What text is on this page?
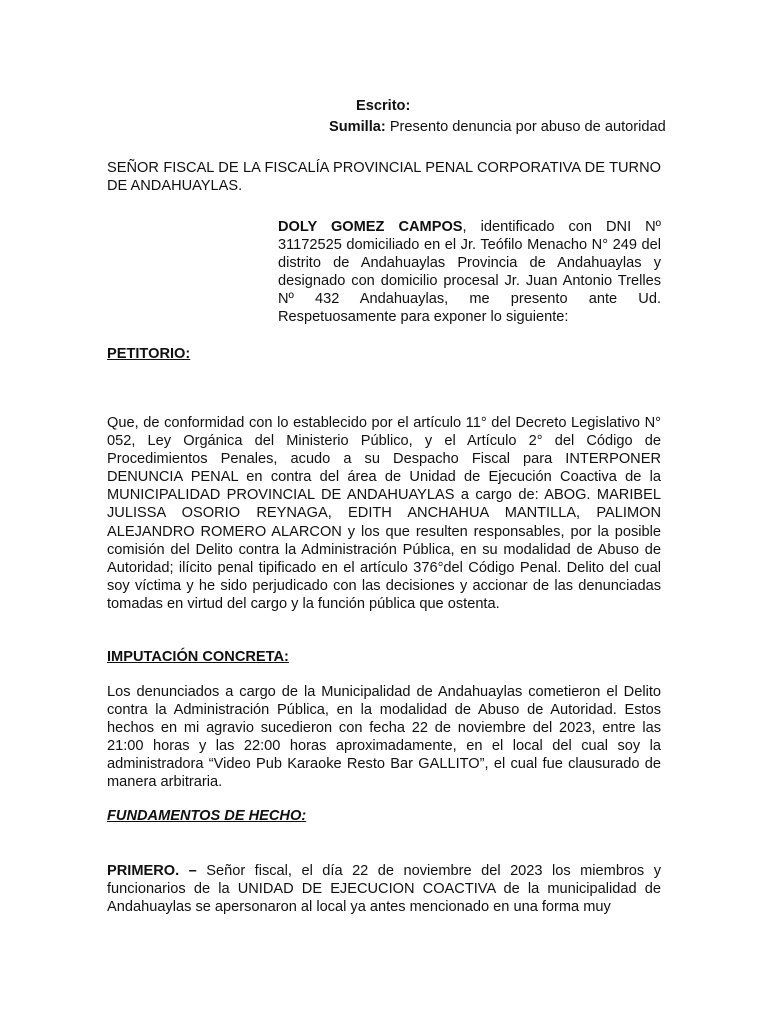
Escrito:
Sumilla: Presento denuncia por abuso de autoridad
SEÑOR FISCAL DE LA FISCALÍA PROVINCIAL PENAL CORPORATIVA DE TURNO DE ANDAHUAYLAS.
DOLY GOMEZ CAMPOS, identificado con DNI Nº 31172525 domiciliado en el Jr. Teófilo Menacho N° 249 del distrito de Andahuaylas Provincia de Andahuaylas y designado con domicilio procesal Jr. Juan Antonio Trelles Nº 432 Andahuaylas, me presento ante Ud. Respetuosamente para exponer lo siguiente:
PETITORIO:
Que, de conformidad con lo establecido por el artículo 11° del Decreto Legislativo N° 052, Ley Orgánica del Ministerio Público, y el Artículo 2° del Código de Procedimientos Penales, acudo a su Despacho Fiscal para INTERPONER DENUNCIA PENAL en contra del área de Unidad de Ejecución Coactiva de la MUNICIPALIDAD PROVINCIAL DE ANDAHUAYLAS a cargo de: ABOG. MARIBEL JULISSA OSORIO REYNAGA, EDITH ANCHAHUA MANTILLA, PALIMON ALEJANDRO ROMERO ALARCON y los que resulten responsables, por la posible comisión del Delito contra la Administración Pública, en su modalidad de Abuso de Autoridad; ilícito penal tipificado en el artículo 376°del Código Penal. Delito del cual soy víctima y he sido perjudicado con las decisiones y accionar de las denunciadas tomadas en virtud del cargo y la función pública que ostenta.
IMPUTACIÓN CONCRETA:
Los denunciados a cargo de la Municipalidad de Andahuaylas cometieron el Delito contra la Administración Pública, en la modalidad de Abuso de Autoridad. Estos hechos en mi agravio sucedieron con fecha 22 de noviembre del 2023, entre las 21:00 horas y las 22:00 horas aproximadamente, en el local del cual soy la administradora “Video Pub Karaoke Resto Bar GALLITO”, el cual fue clausurado de manera arbitraria.
FUNDAMENTOS DE HECHO:
PRIMERO. – Señor fiscal, el día 22 de noviembre del 2023 los miembros y funcionarios de la UNIDAD DE EJECUCION COACTIVA de la municipalidad de Andahuaylas se apersonaron al local ya antes mencionado en una forma muy
